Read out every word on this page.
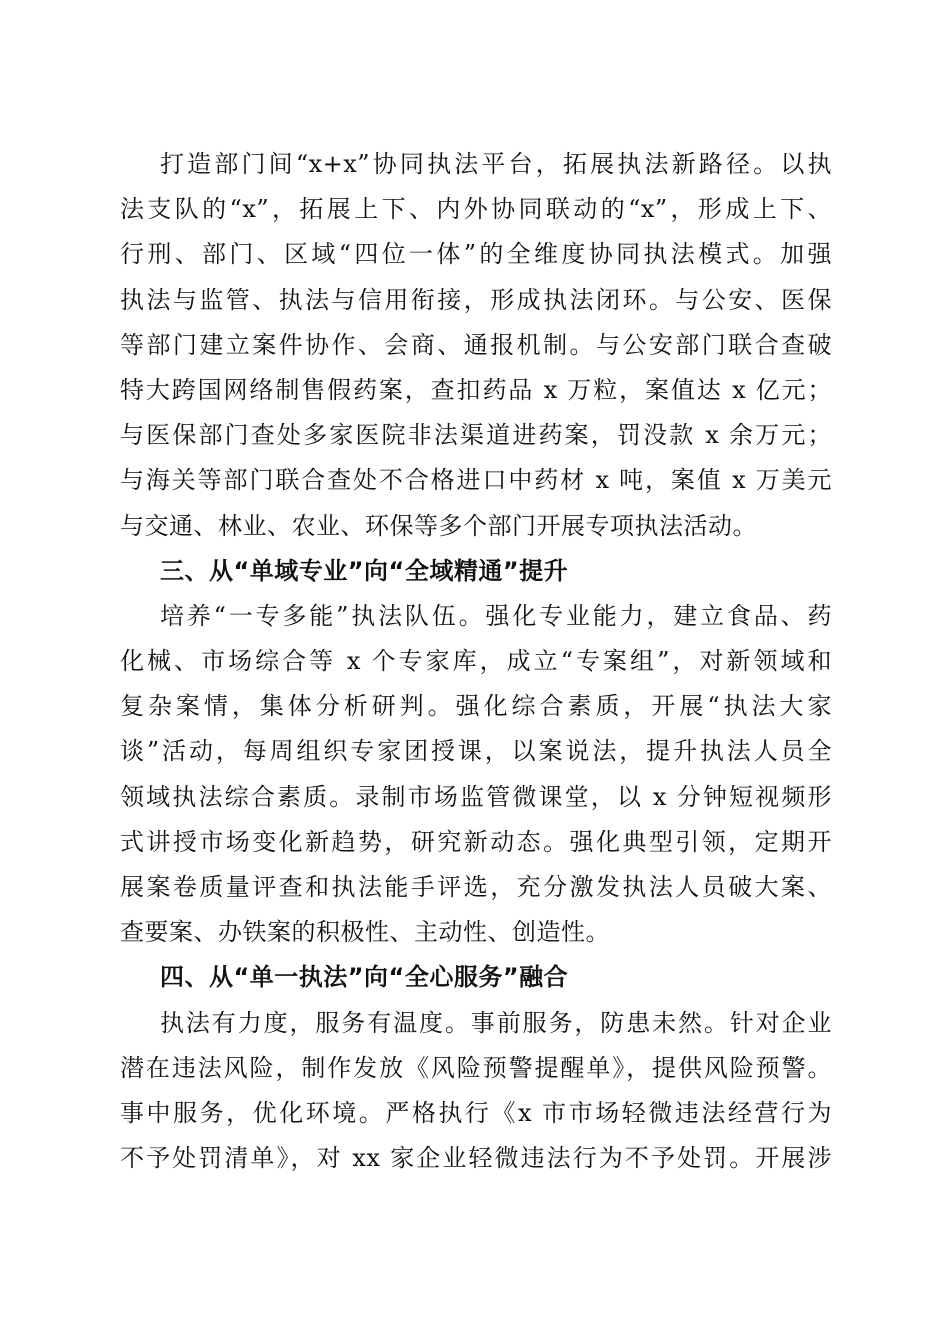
打造部门间“x+x”协同执法平台，拓展执法新路径。以执
法支队的“x”，拓展上下、内外协同联动的“x”，形成上下、
行刑、部门、区域“四位一体”的全维度协同执法模式。加强
执法与监管、执法与信用衔接，形成执法闭环。与公安、医保
等部门建立案件协作、会商、通报机制。与公安部门联合查破
特大跨国网络制售假药案，查扣药品 x 万粒，案值达 x 亿元；
与医保部门查处多家医院非法渠道进药案，罚没款 x 余万元；
与海关等部门联合查处不合格进口中药材 x 吨，案值 x 万美元
与交通、林业、农业、环保等多个部门开展专项执法活动。
三、从“单域专业”向“全域精通”提升
培养“一专多能”执法队伍。强化专业能力，建立食品、药
化械、市场综合等 x 个专家库，成立“专案组”，对新领域和
复杂案情，集体分析研判。强化综合素质，开展“执法大家
谈”活动，每周组织专家团授课，以案说法，提升执法人员全
领域执法综合素质。录制市场监管微课堂，以 x 分钟短视频形
式讲授市场变化新趋势，研究新动态。强化典型引领，定期开
展案卷质量评查和执法能手评选，充分激发执法人员破大案、
查要案、办铁案的积极性、主动性、创造性。
四、从“单一执法”向“全心服务”融合
执法有力度，服务有温度。事前服务，防患未然。针对企业
潜在违法风险，制作发放《风险预警提醒单》，提供风险预警。
事中服务，优化环境。严格执行《x 市市场轻微违法经营行为
不予处罚清单》，对 xx 家企业轻微违法行为不予处罚。开展涉
